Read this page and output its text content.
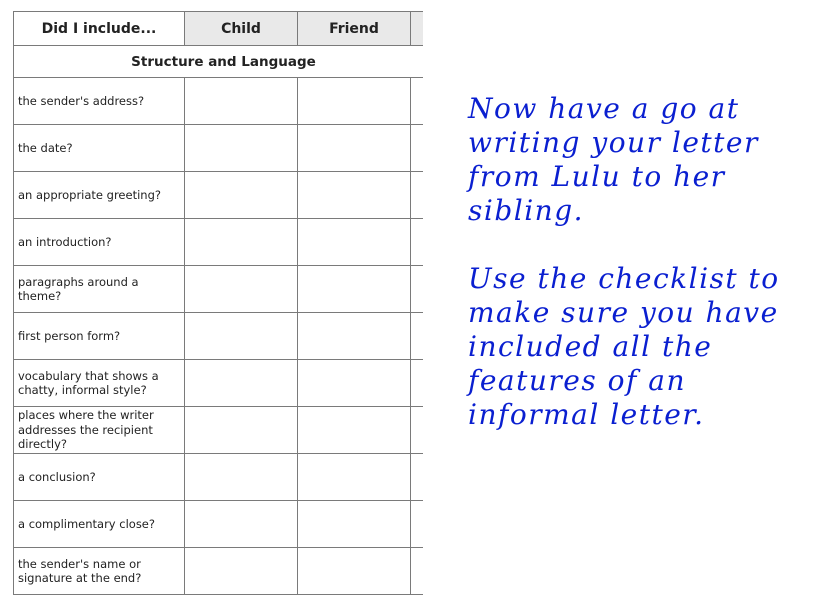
Did I include...	Child	Friend	
Structure and Language			
the sender's address?			
the date?			
an appropriate greeting?			
an introduction?			
paragraphs around a theme?			
first person form?			
vocabulary that shows a chatty, informal style?			
places where the writer addresses the recipient directly?			
a conclusion?			
a complimentary close?			
the sender's name or signature at the end?			

Now have a go at writing your letter from Lulu to her sibling.

Use the checklist to make sure you have included all the features of an informal letter.
